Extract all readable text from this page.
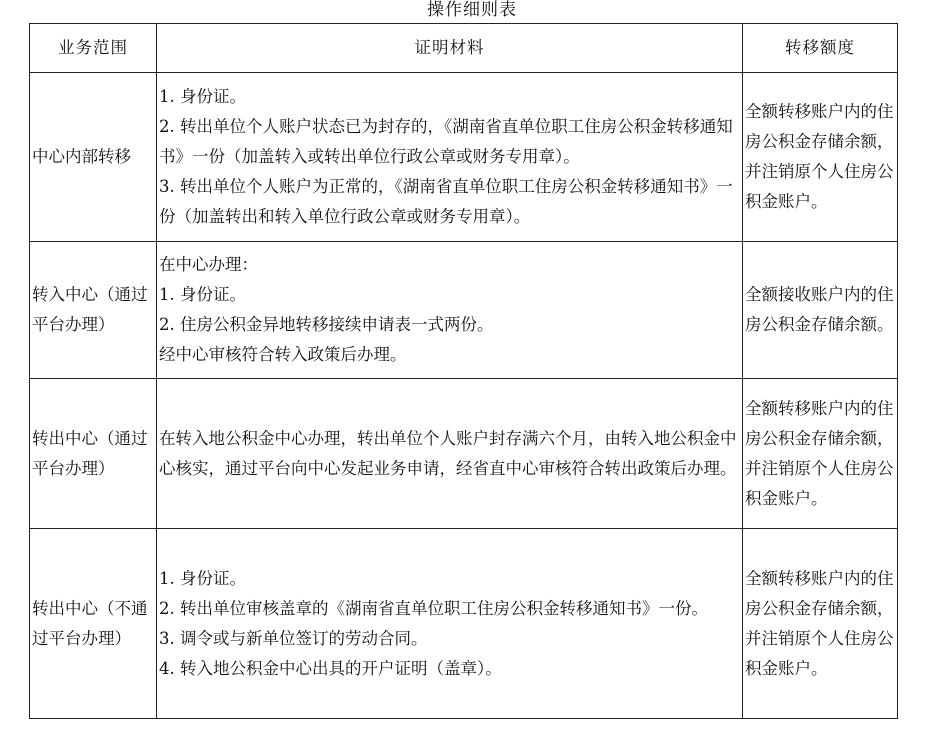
操作细则表
业务范围	证明材料	转移额度
中心内部转移	1. 身份证。
2. 转出单位个人账户状态已为封存的，《湖南省直单位职工住房公积金转移通知书》一份（加盖转入或转出单位行政公章或财务专用章）。
3. 转出单位个人账户为正常的，《湖南省直单位职工住房公积金转移通知书》一份（加盖转出和转入单位行政公章或财务专用章）。	全额转移账户内的住房公积金存储余额，并注销原个人住房公积金账户。
转入中心（通过平台办理）	在中心办理：
1. 身份证。
2. 住房公积金异地转移接续申请表一式两份。
经中心审核符合转入政策后办理。	全额接收账户内的住房公积金存储余额。
转出中心（通过平台办理）	在转入地公积金中心办理，转出单位个人账户封存满六个月，由转入地公积金中心核实，通过平台向中心发起业务申请，经省直中心审核符合转出政策后办理。	全额转移账户内的住房公积金存储余额，并注销原个人住房公积金账户。
转出中心（不通过平台办理）	1. 身份证。
2. 转出单位审核盖章的《湖南省直单位职工住房公积金转移通知书》一份。
3. 调令或与新单位签订的劳动合同。
4. 转入地公积金中心出具的开户证明（盖章）。	全额转移账户内的住房公积金存储余额，并注销原个人住房公积金账户。
